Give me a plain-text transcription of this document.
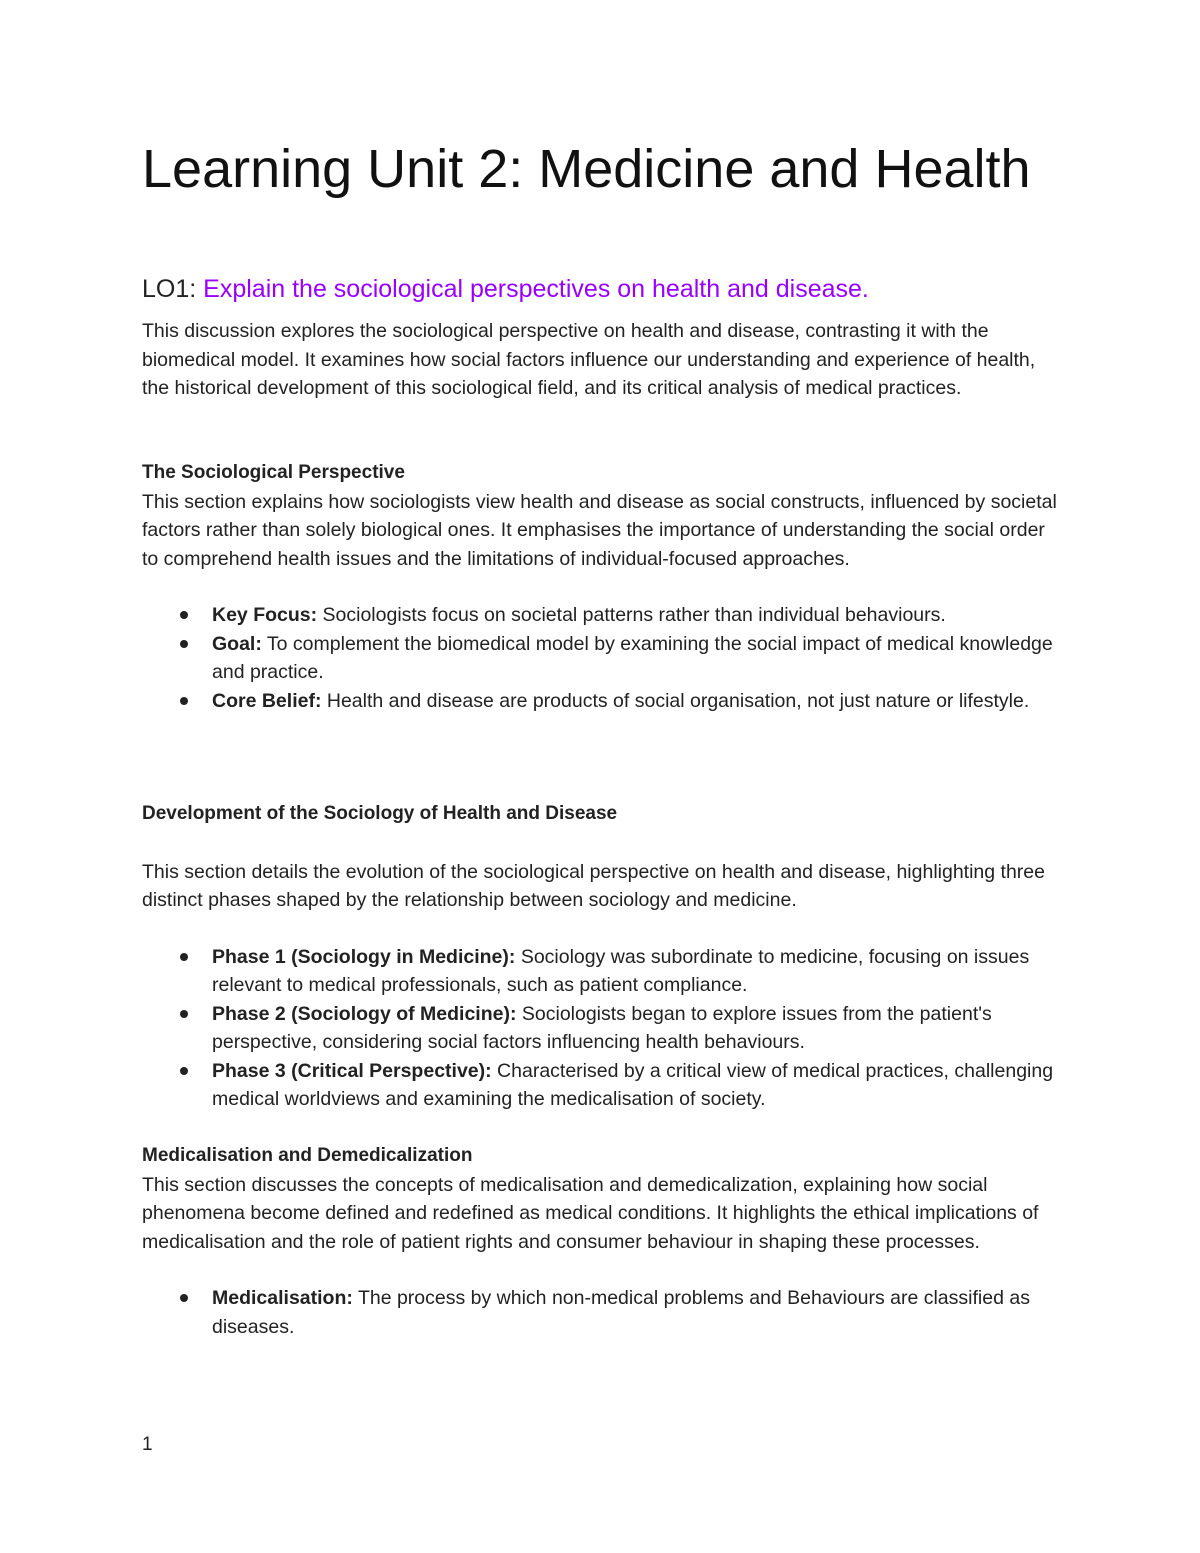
Learning Unit 2: Medicine and Health
LO1: Explain the sociological perspectives on health and disease.

This discussion explores the sociological perspective on health and disease, contrasting it with the biomedical model. It examines how social factors influence our understanding and experience of health, the historical development of this sociological field, and its critical analysis of medical practices.

The Sociological Perspective

This section explains how sociologists view health and disease as social constructs, influenced by societal factors rather than solely biological ones. It emphasises the importance of understanding the social order to comprehend health issues and the limitations of individual-focused approaches.

Key Focus: Sociologists focus on societal patterns rather than individual behaviours.
Goal: To complement the biomedical model by examining the social impact of medical knowledge and practice.
Core Belief: Health and disease are products of social organisation, not just nature or lifestyle.

Development of the Sociology of Health and Disease

This section details the evolution of the sociological perspective on health and disease, highlighting three distinct phases shaped by the relationship between sociology and medicine.

Phase 1 (Sociology in Medicine): Sociology was subordinate to medicine, focusing on issues relevant to medical professionals, such as patient compliance.
Phase 2 (Sociology of Medicine): Sociologists began to explore issues from the patient's perspective, considering social factors influencing health behaviours.
Phase 3 (Critical Perspective): Characterised by a critical view of medical practices, challenging medical worldviews and examining the medicalisation of society.

Medicalisation and Demedicalization

This section discusses the concepts of medicalisation and demedicalization, explaining how social phenomena become defined and redefined as medical conditions. It highlights the ethical implications of medicalisation and the role of patient rights and consumer behaviour in shaping these processes.

Medicalisation: The process by which non-medical problems and Behaviours are classified as diseases.
1
